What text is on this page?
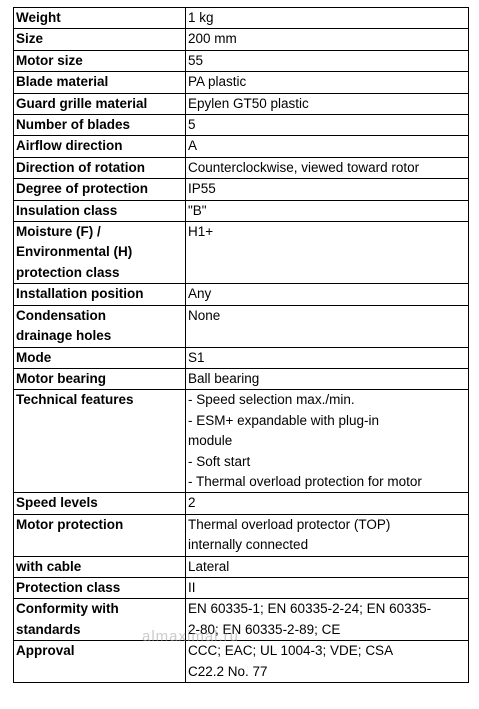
Weight	1 kg

Size	200 mm

Motor size	55

Blade material	PA plastic

Guard grille material	Epylen GT50 plastic

Number of blades	5

Airflow direction	A

Direction of rotation	Counterclockwise, viewed toward rotor

Degree of protection	IP55

Insulation class	"B"

Moisture (F) /
Environmental (H)
protection class	H1+

Installation position	Any

Condensation
drainage holes	None

Mode	S1

Motor bearing	Ball bearing

Technical features	- Speed selection max./min.
- ESM+ expandable with plug-in
module
- Soft start
- Thermal overload protection for motor

Speed levels	2

Motor protection	Thermal overload protector (TOP)
internally connected

with cable	Lateral

Protection class	II

Conformity with
standards	EN 60335-1; EN 60335-2-24; EN 60335-
2-80; EN 60335-2-89; CE

Approval	CCC; EAC; UL 1004-3; VDE; CSA
C22.2 No. 77
almaximal.ru
